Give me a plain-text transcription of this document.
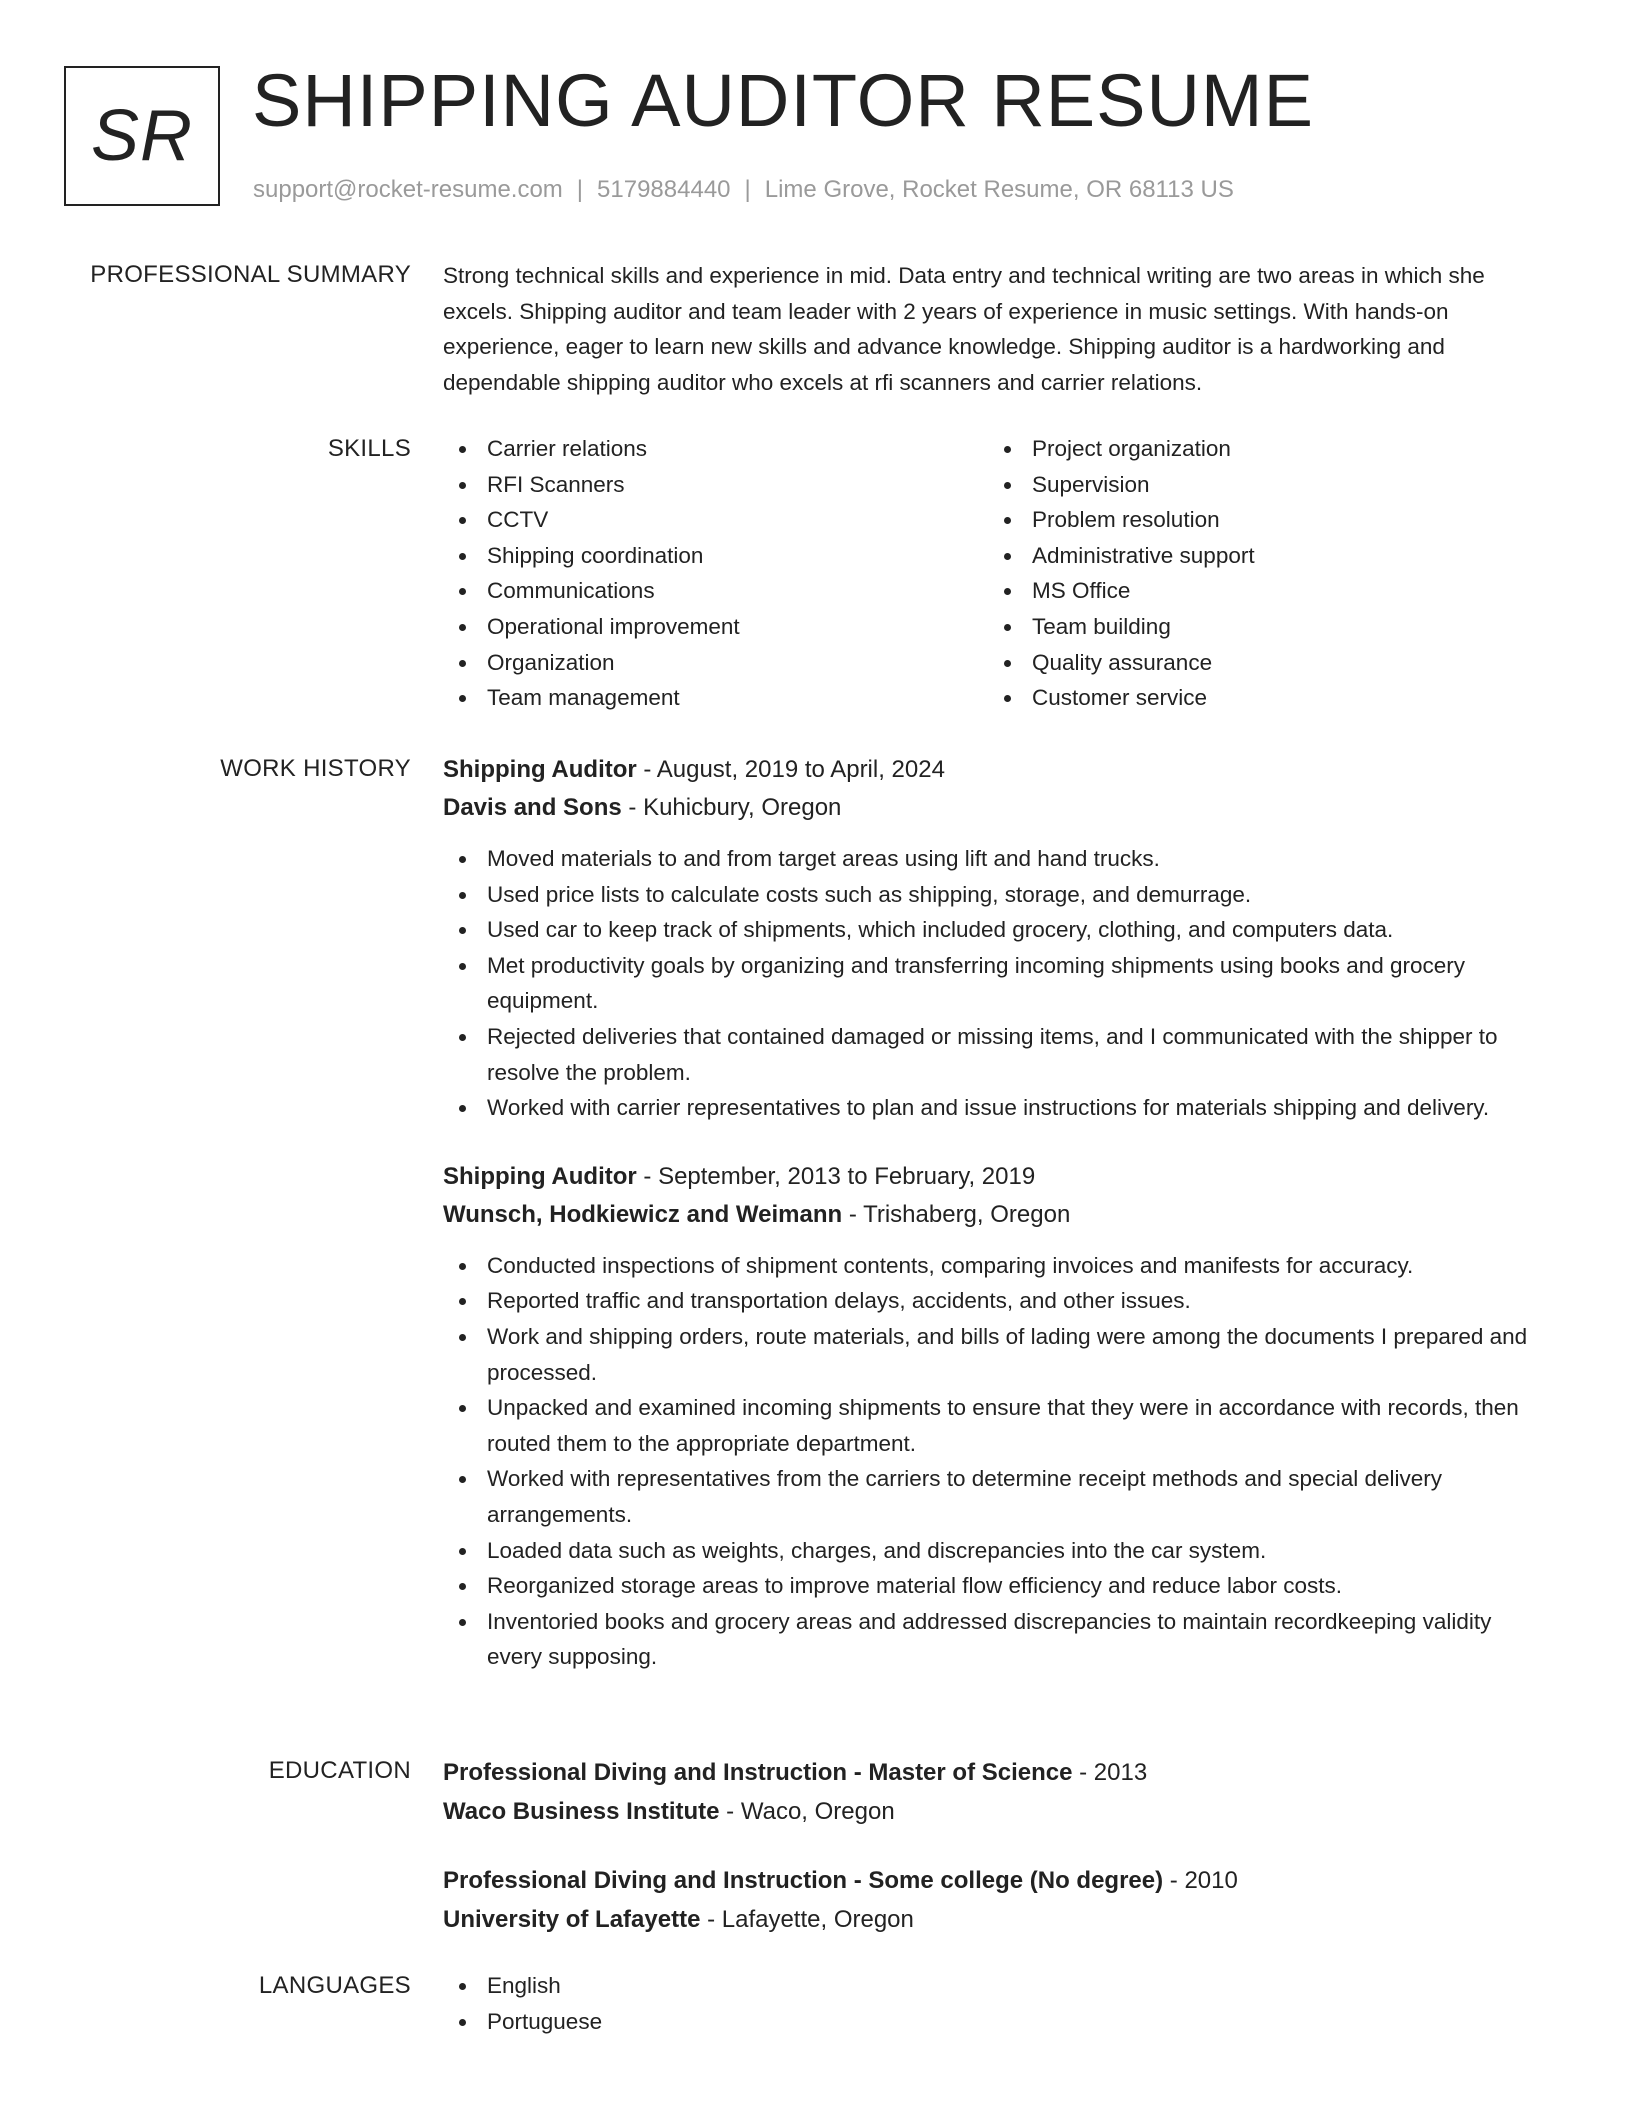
SR SHIPPING AUDITOR RESUME
support@rocket-resume.com | 5179884440 | Lime Grove, Rocket Resume, OR 68113 US
PROFESSIONAL SUMMARY Strong technical skills and experience in mid. Data entry and technical writing are two areas in which she excels. Shipping auditor and team leader with 2 years of experience in music settings. With hands-on experience, eager to learn new skills and advance knowledge. Shipping auditor is a hardworking and dependable shipping auditor who excels at rfi scanners and carrier relations.

SKILLS	Carrier relations
RFI Scanners
CCTV
Shipping coordination
Communications
Operational improvement
Organization
Team management
Project organization
Supervision
Problem resolution
Administrative support
MS Office
Team building
Quality assurance
Customer service
WORK HISTORY Shipping Auditor - August, 2019 to April, 2024
Davis and Sons - Kuhicbury, Oregon
Moved materials to and from target areas using lift and hand trucks.
Used price lists to calculate costs such as shipping, storage, and demurrage.
Used car to keep track of shipments, which included grocery, clothing, and computers data.
Met productivity goals by organizing and transferring incoming shipments using books and grocery equipment.
Rejected deliveries that contained damaged or missing items, and I communicated with the shipper to resolve the problem.
Worked with carrier representatives to plan and issue instructions for materials shipping and delivery.
Shipping Auditor - September, 2013 to February, 2019
Wunsch, Hodkiewicz and Weimann - Trishaberg, Oregon
Conducted inspections of shipment contents, comparing invoices and manifests for accuracy.
Reported traffic and transportation delays, accidents, and other issues.
Work and shipping orders, route materials, and bills of lading were among the documents I prepared and processed.
Unpacked and examined incoming shipments to ensure that they were in accordance with records, then routed them to the appropriate department.
Worked with representatives from the carriers to determine receipt methods and special delivery arrangements.
Loaded data such as weights, charges, and discrepancies into the car system.
Reorganized storage areas to improve material flow efficiency and reduce labor costs.
Inventoried books and grocery areas and addressed discrepancies to maintain recordkeeping validity every supposing.
EDUCATION Professional Diving and Instruction - Master of Science - 2013
Waco Business Institute - Waco, Oregon
Professional Diving and Instruction - Some college (No degree) - 2010
University of Lafayette - Lafayette, Oregon
LANGUAGES	English
Portuguese
